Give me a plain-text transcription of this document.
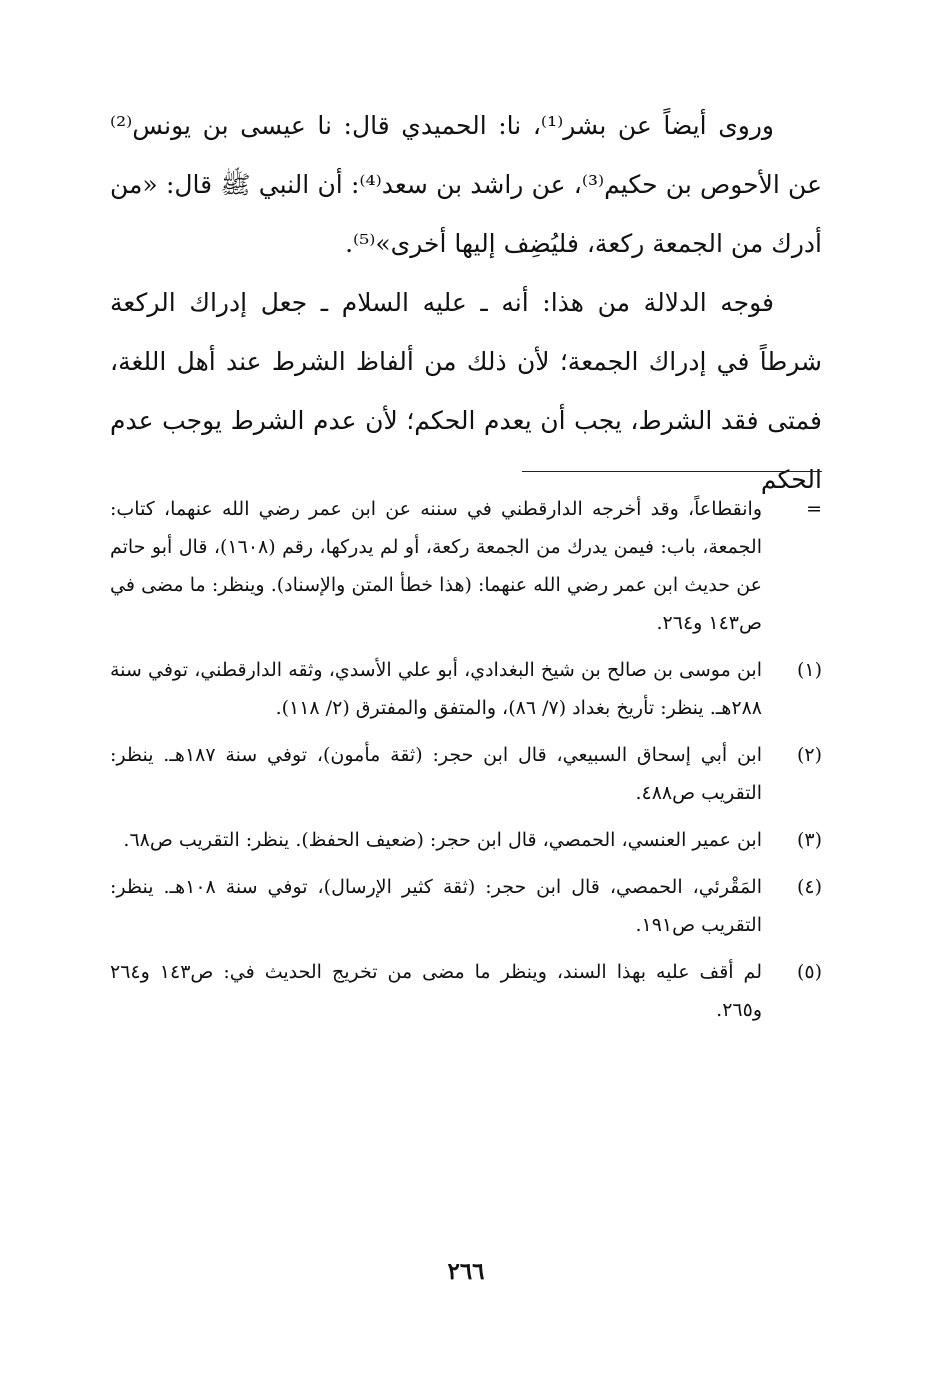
وروى أيضاً عن بشر⁽¹⁾، نا: الحميدي قال: نا عيسى بن يونس⁽²⁾ عن الأحوص بن حكيم⁽³⁾، عن راشد بن سعد⁽⁴⁾: أن النبي ﷺ قال: «من أدرك من الجمعة ركعة، فليُضِف إليها أخرى»⁽⁵⁾.

فوجه الدلالة من هذا: أنه ـ عليه السلام ـ جعل إدراك الركعة شرطاً في إدراك الجمعة؛ لأن ذلك من ألفاظ الشرط عند أهل اللغة، فمتى فقد الشرط، يجب أن يعدم الحكم؛ لأن عدم الشرط يوجب عدم الحكم

=
وانقطاعاً، وقد أخرجه الدارقطني في سننه عن ابن عمر رضي الله عنهما، كتاب: الجمعة، باب: فيمن يدرك من الجمعة ركعة، أو لم يدركها، رقم (١٦٠٨)، قال أبو حاتم عن حديث ابن عمر رضي الله عنهما: (هذا خطأ المتن والإسناد). وينظر: ما مضى في ص١٤٣ و٢٦٤.
(١)
ابن موسى بن صالح بن شيخ البغدادي، أبو علي الأسدي، وثقه الدارقطني، توفي سنة ٢٨٨هـ. ينظر: تأريخ بغداد (٧/ ٨٦)، والمتفق والمفترق (٢/ ١١٨).
(٢)
ابن أبي إسحاق السبيعي، قال ابن حجر: (ثقة مأمون)، توفي سنة ١٨٧هـ. ينظر: التقريب ص٤٨٨.
(٣)
ابن عمير العنسي، الحمصي، قال ابن حجر: (ضعيف الحفظ). ينظر: التقريب ص٦٨.
(٤)
المَقْرئي، الحمصي، قال ابن حجر: (ثقة كثير الإرسال)، توفي سنة ١٠٨هـ. ينظر: التقريب ص١٩١.
(٥)
لم أقف عليه بهذا السند، وينظر ما مضى من تخريج الحديث في: ص١٤٣ و٢٦٤ و٢٦٥.
٢٦٦
